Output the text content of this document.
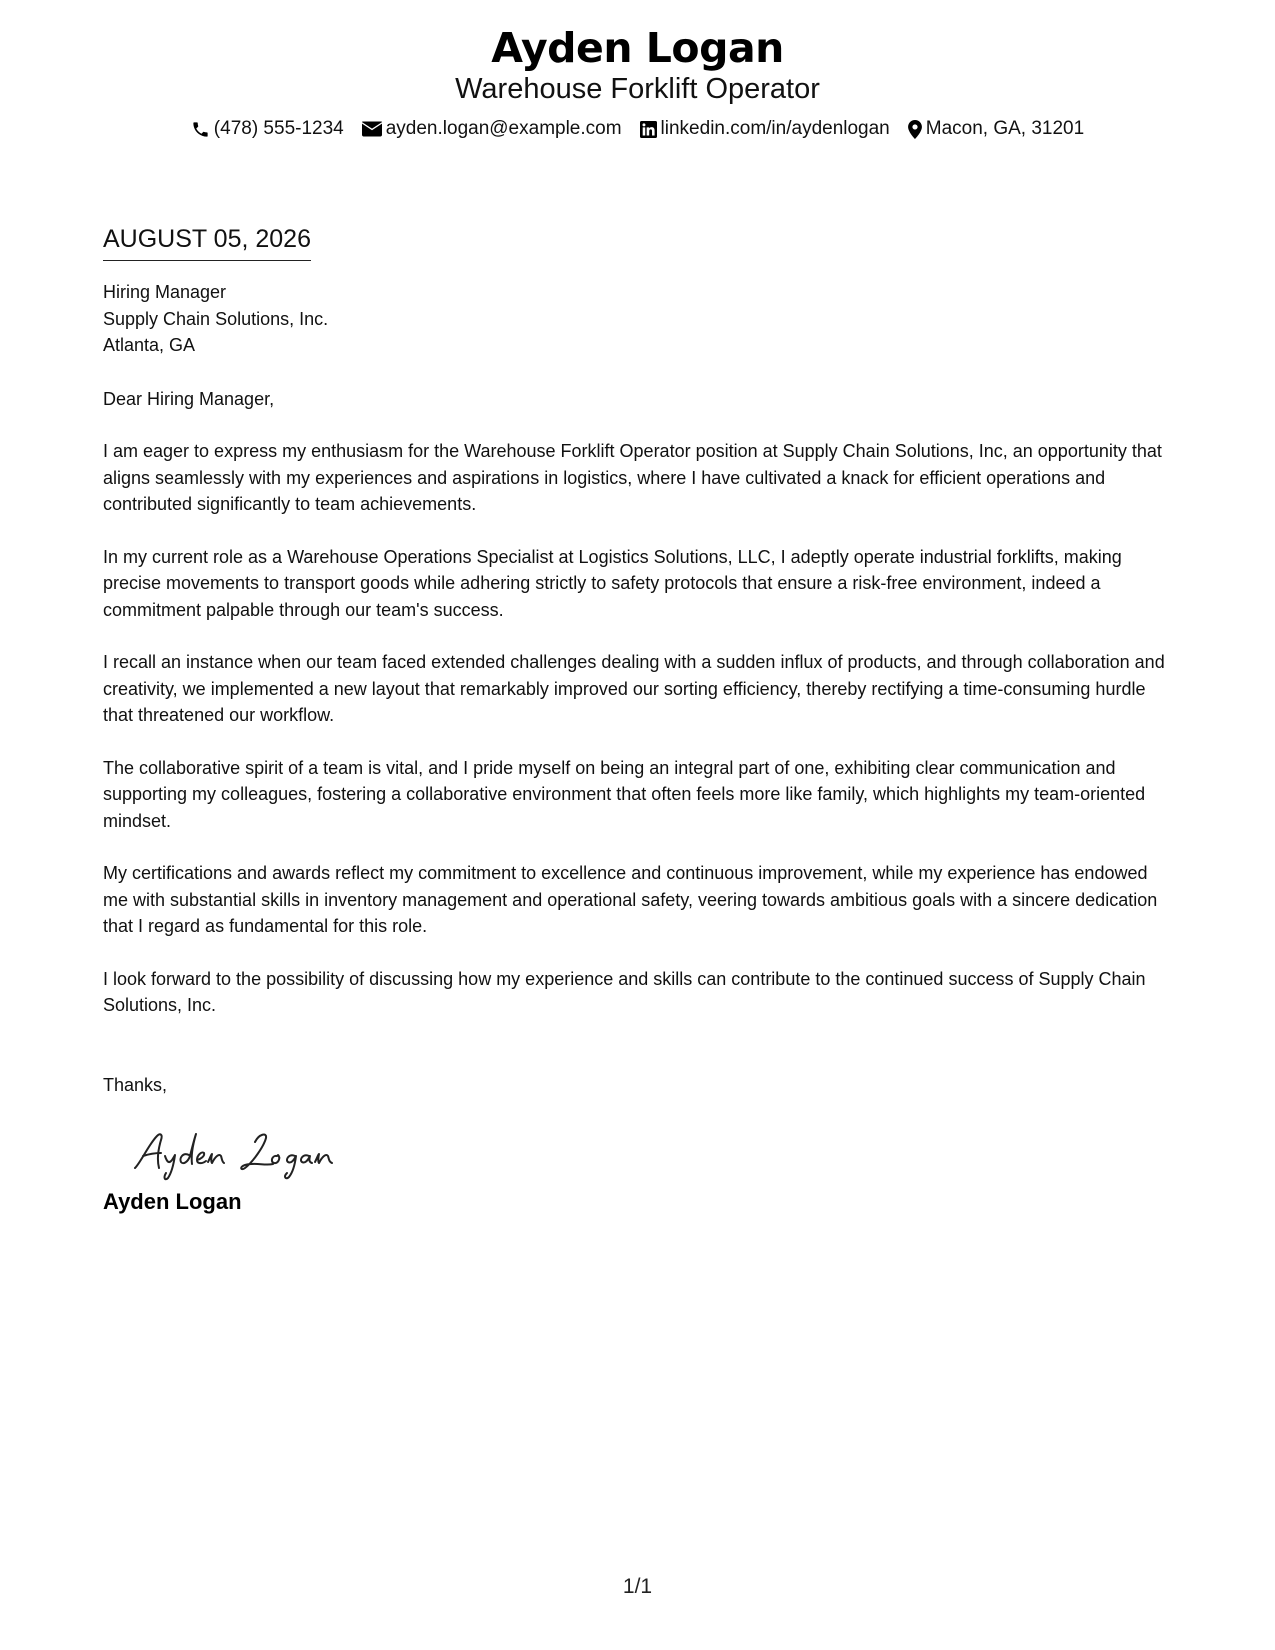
Ayden Logan
Warehouse Forklift Operator
(478) 555-1234 ayden.logan@example.com linkedin.com/in/aydenlogan Macon, GA, 31201
AUGUST 05, 2026
Hiring Manager
Supply Chain Solutions, Inc.
Atlanta, GA
Dear Hiring Manager,
I am eager to express my enthusiasm for the Warehouse Forklift Operator position at Supply Chain Solutions, Inc, an opportunity that aligns seamlessly with my experiences and aspirations in logistics, where I have cultivated a knack for efficient operations and contributed significantly to team achievements.
In my current role as a Warehouse Operations Specialist at Logistics Solutions, LLC, I adeptly operate industrial forklifts, making precise movements to transport goods while adhering strictly to safety protocols that ensure a risk-free environment, indeed a commitment palpable through our team's success.
I recall an instance when our team faced extended challenges dealing with a sudden influx of products, and through collaboration and creativity, we implemented a new layout that remarkably improved our sorting efficiency, thereby rectifying a time-consuming hurdle that threatened our workflow.
The collaborative spirit of a team is vital, and I pride myself on being an integral part of one, exhibiting clear communication and supporting my colleagues, fostering a collaborative environment that often feels more like family, which highlights my team-oriented mindset.
My certifications and awards reflect my commitment to excellence and continuous improvement, while my experience has endowed me with substantial skills in inventory management and operational safety, veering towards ambitious goals with a sincere dedication that I regard as fundamental for this role.
I look forward to the possibility of discussing how my experience and skills can contribute to the continued success of Supply Chain Solutions, Inc.
Thanks,
Ayden Logan
1/1
